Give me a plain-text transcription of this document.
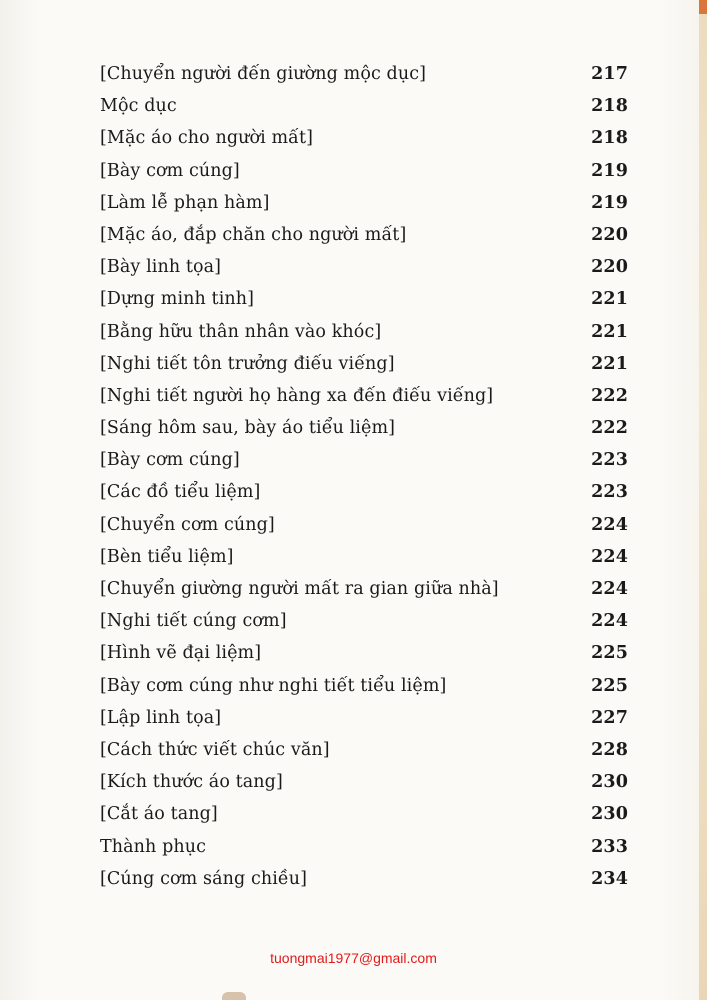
[Chuyển người đến giường mộc dục]	217
Mộc dục	218
[Mặc áo cho người mất]	218
[Bày cơm cúng]	219
[Làm lễ phạn hàm]	219
[Mặc áo, đắp chăn cho người mất]	220
[Bày linh tọa]	220
[Dựng minh tinh]	221
[Bằng hữu thân nhân vào khóc]	221
[Nghi tiết tôn trưởng điếu viếng]	221
[Nghi tiết người họ hàng xa đến điếu viếng]	222
[Sáng hôm sau, bày áo tiểu liệm]	222
[Bày cơm cúng]	223
[Các đồ tiểu liệm]	223
[Chuyển cơm cúng]	224
[Bèn tiểu liệm]	224
[Chuyển giường người mất ra gian giữa nhà]	224
[Nghi tiết cúng cơm]	224
[Hình vẽ đại liệm]	225
[Bày cơm cúng như nghi tiết tiểu liệm]	225
[Lập linh tọa]	227
[Cách thức viết chúc văn]	228
[Kích thước áo tang]	230
[Cắt áo tang]	230
Thành phục	233
[Cúng cơm sáng chiều]	234
tuongmai1977@gmail.com
